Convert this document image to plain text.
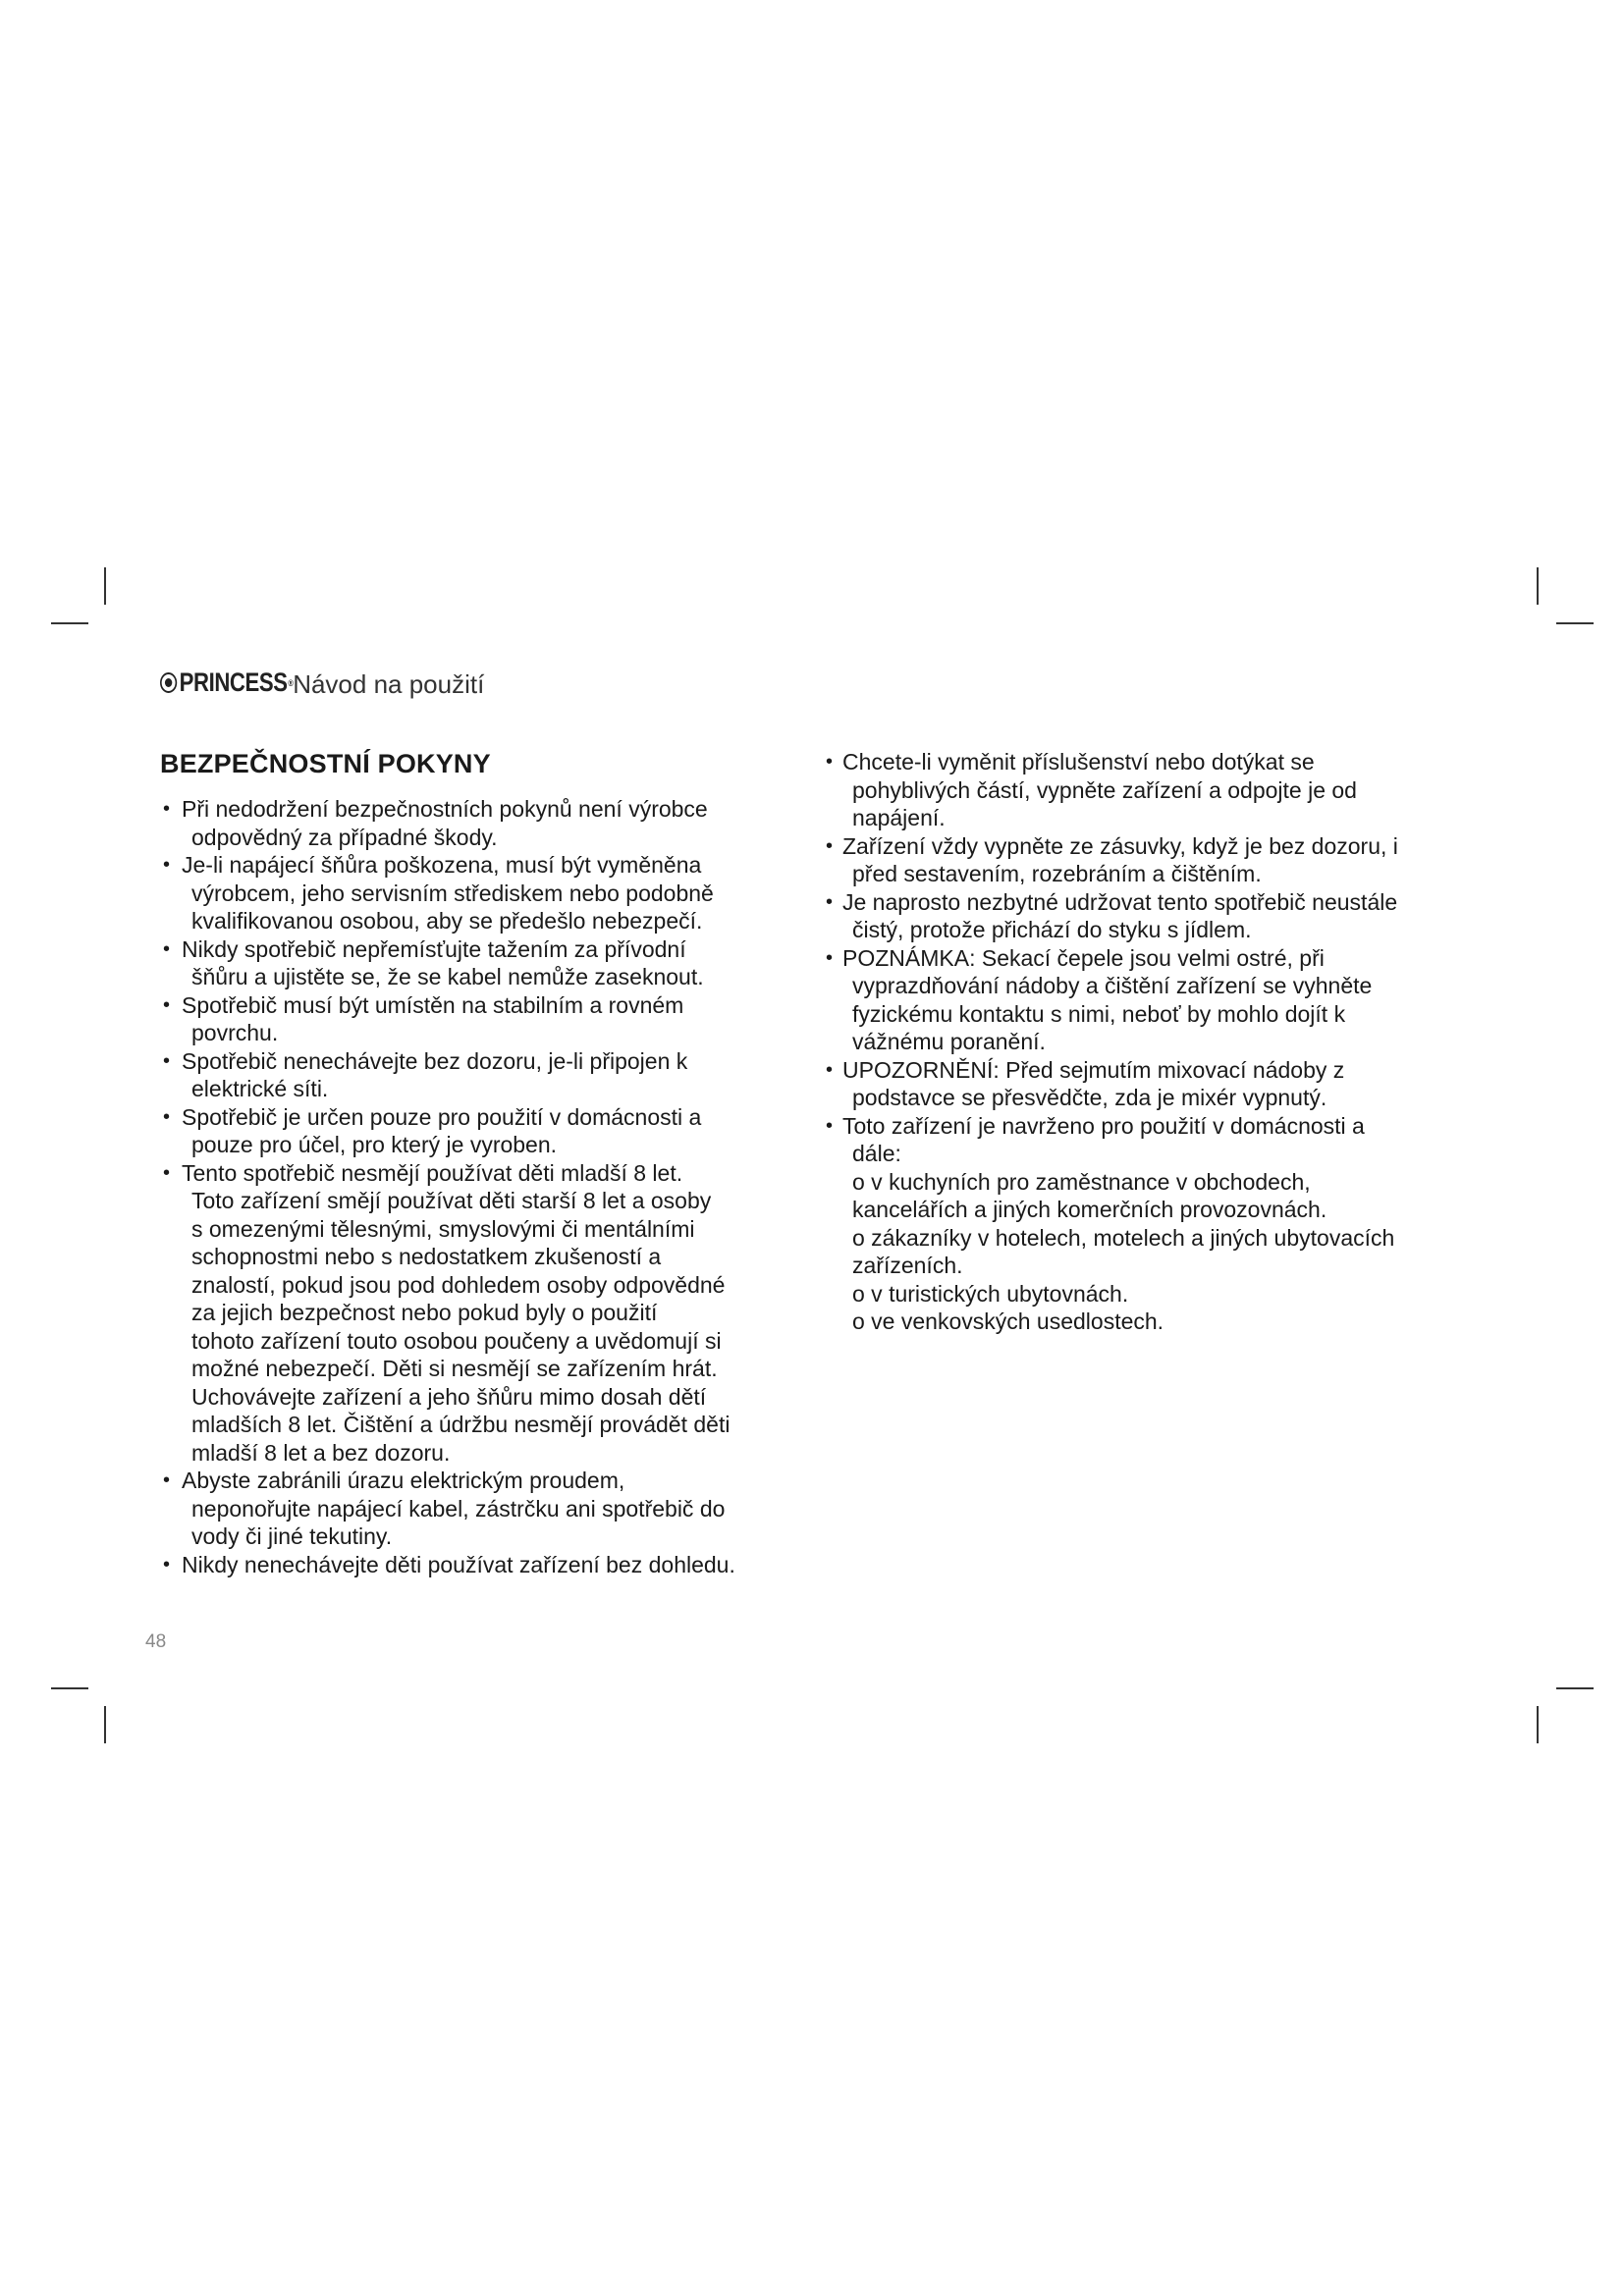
PRINCESS ® Návod na použití
BEZPEČNOSTNÍ POKYNY
• Při nedodržení bezpečnostních pokynů není výrobce
odpovědný za případné škody.
• Je-li napájecí šňůra poškozena, musí být vyměněna
výrobcem, jeho servisním střediskem nebo podobně
kvalifikovanou osobou, aby se předešlo nebezpečí.
• Nikdy spotřebič nepřemísťujte tažením za přívodní
šňůru a ujistěte se, že se kabel nemůže zaseknout.
• Spotřebič musí být umístěn na stabilním a rovném
povrchu.
• Spotřebič nenechávejte bez dozoru, je-li připojen k
elektrické síti.
• Spotřebič je určen pouze pro použití v domácnosti a
pouze pro účel, pro který je vyroben.
• Tento spotřebič nesmějí používat děti mladší 8 let.
Toto zařízení smějí používat děti starší 8 let a osoby
s omezenými tělesnými, smyslovými či mentálními
schopnostmi nebo s nedostatkem zkušeností a
znalostí, pokud jsou pod dohledem osoby odpovědné
za jejich bezpečnost nebo pokud byly o použití
tohoto zařízení touto osobou poučeny a uvědomují si
možné nebezpečí. Děti si nesmějí se zařízením hrát.
Uchovávejte zařízení a jeho šňůru mimo dosah dětí
mladších 8 let. Čištění a údržbu nesmějí provádět děti
mladší 8 let a bez dozoru.
• Abyste zabránili úrazu elektrickým proudem,
neponořujte napájecí kabel, zástrčku ani spotřebič do
vody či jiné tekutiny.
• Nikdy nenechávejte děti používat zařízení bez dohledu.
• Chcete-li vyměnit příslušenství nebo dotýkat se
pohyblivých částí, vypněte zařízení a odpojte je od
napájení.
• Zařízení vždy vypněte ze zásuvky, když je bez dozoru, i
před sestavením, rozebráním a čištěním.
• Je naprosto nezbytné udržovat tento spotřebič neustále
čistý, protože přichází do styku s jídlem.
• POZNÁMKA: Sekací čepele jsou velmi ostré, při
vyprazdňování nádoby a čištění zařízení se vyhněte
fyzickému kontaktu s nimi, neboť by mohlo dojít k
vážnému poranění.
• UPOZORNĚNÍ: Před sejmutím mixovací nádoby z
podstavce se přesvědčte, zda je mixér vypnutý.
• Toto zařízení je navrženo pro použití v domácnosti a
dále:
o v kuchyních pro zaměstnance v obchodech,
kancelářích a jiných komerčních provozovnách.
o zákazníky v hotelech, motelech a jiných ubytovacích
zařízeních.
o v turistických ubytovnách.
o ve venkovských usedlostech.
48
